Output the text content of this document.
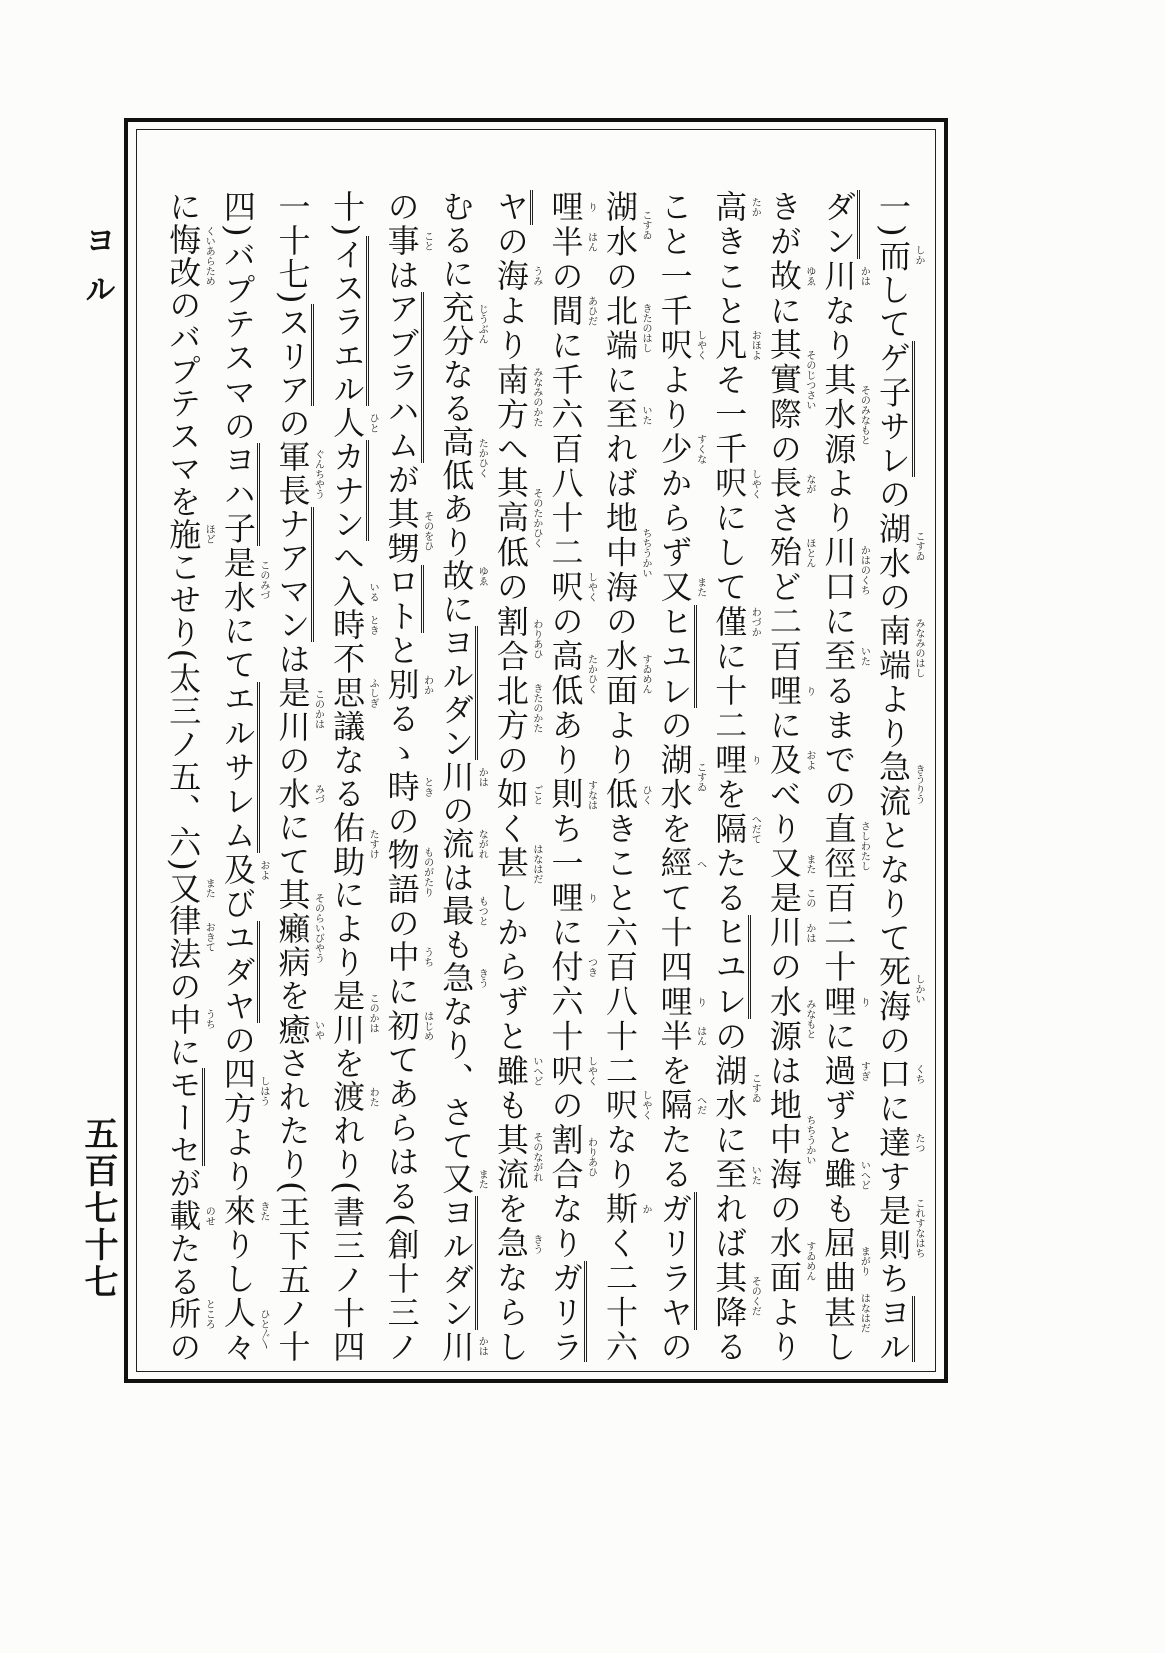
ヨル
五百七十七
一)而 しか
してゲ子サレの湖水 こすゐ
の南端 みなみのはし
より急流 きうりう
となりて死海 しかい
の口 くち
に達 たつ
す是則 これすなはち
ちヨル
ダン川 かは
なり其水源 そのみなもと
より川口 かはのくち
に至 いた
るまでの直徑 さしわたし
百二十哩 り
に過 すぎ
ずと雖 いへど
も屈曲 まがり
甚 はなはだ
し
きが故 ゆゑ
に其實際 そのじつさい
の長 なが
さ殆 ほとん
ど二百哩 り
に及 およ
べり又 また
是 この
川 かは
の水源 みなもと
は地中海 ちちうかい
の水面 すゐめん
より
高 たか
きこと凡 おほよ
そ一千呎 しやく
にして僅 わづか
に十二哩 り
を隔 へだて
たるヒユレの湖水 こすゐ
に至 いた
れば其降 そのくだ
る
こと一千呎 しやく
より少 すくな
からず又 また
ヒユレの湖水 こすゐ
を經 へ
て十四哩 り
半 はん
を隔 へだ
たるガリラヤの
湖水 こすゐ
の北端 きたのはし
に至 いた
れば地中海 ちちうかい
の水面 すゐめん
より低 ひく
きこと六百八十二呎 しやく
なり斯 か
く二十六
哩 り
半 はん
の間 あひだ
に千六百八十二呎 しやく
の高低 たかひく
あり則 すなは
ち一哩 り
に付 つき
六十呎 しやく
の割合 わりあひ
なりガリラ
ヤの海 うみ
より南方 みなみのかた
へ其高低 そのたかひく
の割合 わりあひ
北方 きたのかた
の如 ごと
く甚 はなはだ
しからずと雖 いへど
も其流 そのながれ
を急 きう
ならし
むるに充分 じうぶん
なる高低 たかひく
あり故 ゆゑ
にヨルダン川 かは
の流 ながれ
は最 もつと
も急 きう
なり、さて又 また
ヨルダン川 かは
の事 こと
はアブラハムが其甥 そのをひ
ロトと別 わか
るゝ時 とき
の物語 ものがたり
の中 うち
に初 はじめ
てあらはる(創十三ノ
十)イスラエル人 ひと
カナンへ入 いる
時 とき
不思議 ふしぎ
なる佑助 たすけ
により是川 このかは
を渡 わた
れり(書三ノ十四
一十七)スリアの軍長 ぐんちやう
ナアマンは是川 このかは
の水 みづ
にて其癩病 そのらいびやう
を癒 いや
されたり(王下五ノ十
四)バプテスマのヨハ子是水 このみづ
にてエルサレム及 およ
びユダヤの四方 しはう
より來 きた
りし人々 ひと〴〵
に悔改 くいあらため
のバプテスマを施 ほど
こせり(太三ノ五、六)又 また
律法 おきて
の中 うち
にモーセが載 のせ
たる所 ところ
の
